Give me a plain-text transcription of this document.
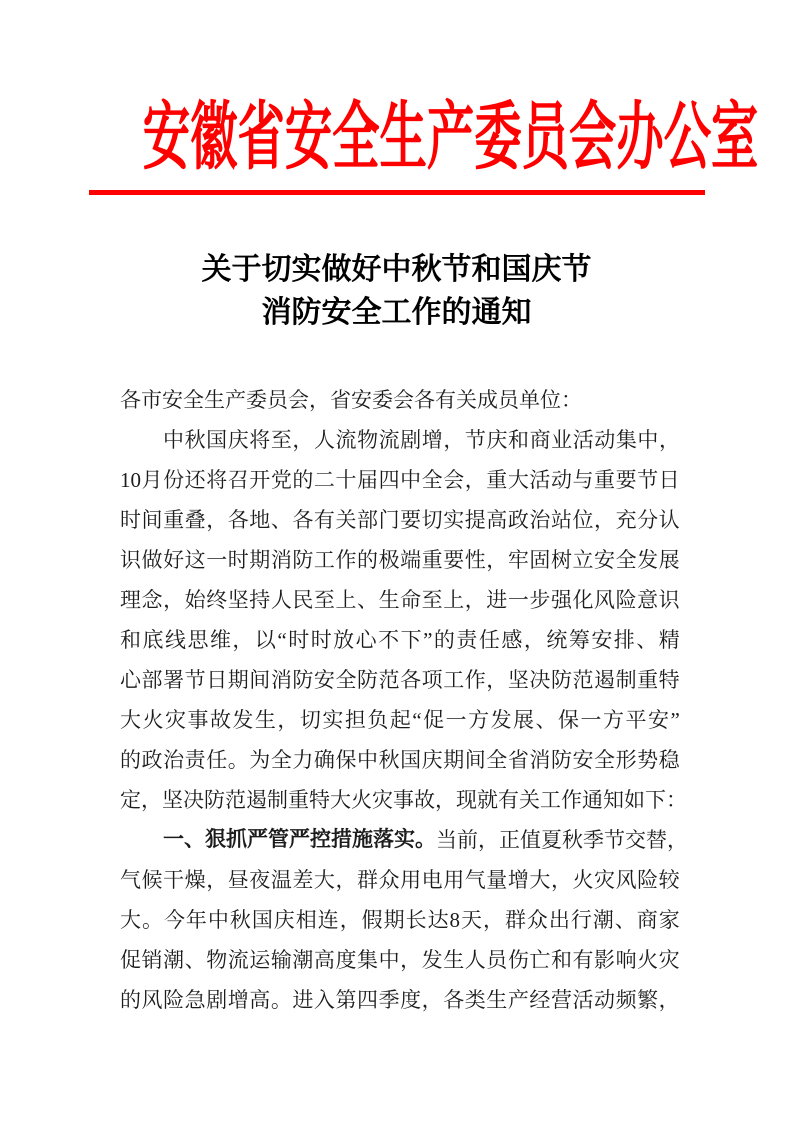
安徽省安全生产委员会办公室
关于切实做好中秋节和国庆节
消防安全工作的通知
各市安全生产委员会，省安委会各有关成员单位：
中 秋 国 庆 将 至 ， 人 流 物 流 剧 增 ， 节 庆 和 商 业 活 动 集 中 ，
10 月 份 还 将 召 开 党 的 二 十 届 四 中 全 会 ， 重 大 活 动 与 重 要 节 日
时 间 重 叠 ， 各 地 、 各 有 关 部 门 要 切 实 提 高 政 治 站 位 ， 充 分 认
识 做 好 这 一 时 期 消 防 工 作 的 极 端 重 要 性 ， 牢 固 树 立 安 全 发 展
理 念 ， 始 终 坚 持 人 民 至 上 、 生 命 至 上 ， 进 一 步 强 化 风 险 意 识
和 底 线 思 维 ， 以 “ 时 时 放 心 不 下 ” 的 责 任 感 ， 统 筹 安 排 、 精
心 部 署 节 日 期 间 消 防 安 全 防 范 各 项 工 作 ， 坚 决 防 范 遏 制 重 特
大 火 灾 事 故 发 生 ， 切 实 担 负 起 “ 促 一 方 发 展 、 保 一 方 平 安 ”
的 政 治 责 任 。 为 全 力 确 保 中 秋 国 庆 期 间 全 省 消 防 安 全 形 势 稳
定 ， 坚 决 防 范 遏 制 重 特 大 火 灾 事 故 ， 现 就 有 关 工 作 通 知 如 下 ：
一 、 狠 抓 严 管 严 控 措 施 落 实 。 当 前 ， 正 值 夏 秋 季 节 交 替 ，
气 候 干 燥 ， 昼 夜 温 差 大 ， 群 众 用 电 用 气 量 增 大 ， 火 灾 风 险 较
大 。 今 年 中 秋 国 庆 相 连 ， 假 期 长 达 8 天 ， 群 众 出 行 潮 、 商 家
促 销 潮 、 物 流 运 输 潮 高 度 集 中 ， 发 生 人 员 伤 亡 和 有 影 响 火 灾
的 风 险 急 剧 增 高 。 进 入 第 四 季 度 ， 各 类 生 产 经 营 活 动 频 繁 ，
